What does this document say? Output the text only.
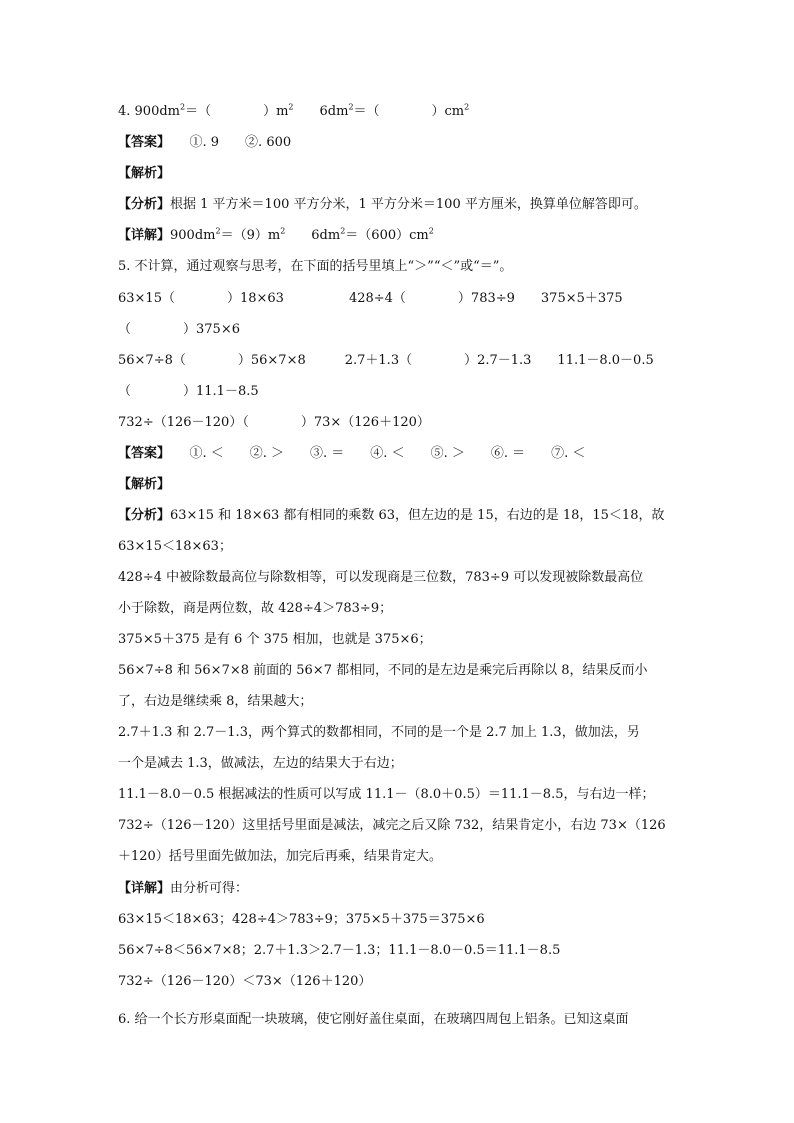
4. $900dm^2=$（　　　　）$m^2$　　$6dm^2=$（　　　　）$cm^2$

【答案】　　①. 9　　②. 600

【解析】

【分析】根据 1 平方米＝100 平方分米，1 平方分米＝100 平方厘米，换算单位解答即可。

【详解】$900dm^2=(9)m^2$　　$6dm^2=(600)cm^2$

5. 不计算，通过观察与思考，在下面的括号里填上“＞”“＜”或“＝”。

63×15（　　　　）18×63　　　　　428÷4（　　　　）783÷9　　375×5＋375

（　　　　）375×6

56×7÷8（　　　　）56×7×8　　　2.7＋1.3（　　　　）2.7－1.3　　11.1－8.0－0.5

（　　　　）11.1－8.5

732÷（126－120）（　　　　）73×（126＋120）

【答案】　　①. ＜　　②. ＞　　③. ＝　　④. ＜　　⑤. ＞　　⑥. ＝　　⑦. ＜

【解析】

【分析】63×15 和 18×63 都有相同的乘数 63，但左边的是 15，右边的是 18，15＜18，故

63×15＜18×63；

428÷4 中被除数最高位与除数相等，可以发现商是三位数，783÷9 可以发现被除数最高位

小于除数，商是两位数，故 428÷4＞783÷9；

375×5＋375 是有 6 个 375 相加，也就是 375×6；

56×7÷8 和 56×7×8 前面的 56×7 都相同，不同的是左边是乘完后再除以 8，结果反而小

了，右边是继续乘 8，结果越大；

2.7＋1.3 和 2.7－1.3，两个算式的数都相同，不同的是一个是 2.7 加上 1.3，做加法，另

一个是减去 1.3，做减法，左边的结果大于右边；

11.1－8.0－0.5 根据减法的性质可以写成 11.1－（8.0＋0.5）＝11.1－8.5，与右边一样；

732÷（126－120）这里括号里面是减法，减完之后又除 732，结果肯定小，右边 73×（126

＋120）括号里面先做加法，加完后再乘，结果肯定大。

【详解】由分析可得：

63×15＜18×63；428÷4＞783÷9；375×5＋375＝375×6

56×7÷8＜56×7×8；2.7＋1.3＞2.7－1.3；11.1－8.0－0.5＝11.1－8.5

732÷（126－120）＜73×（126＋120）

6. 给一个长方形桌面配一块玻璃，使它刚好盖住桌面，在玻璃四周包上铝条。已知这桌面
